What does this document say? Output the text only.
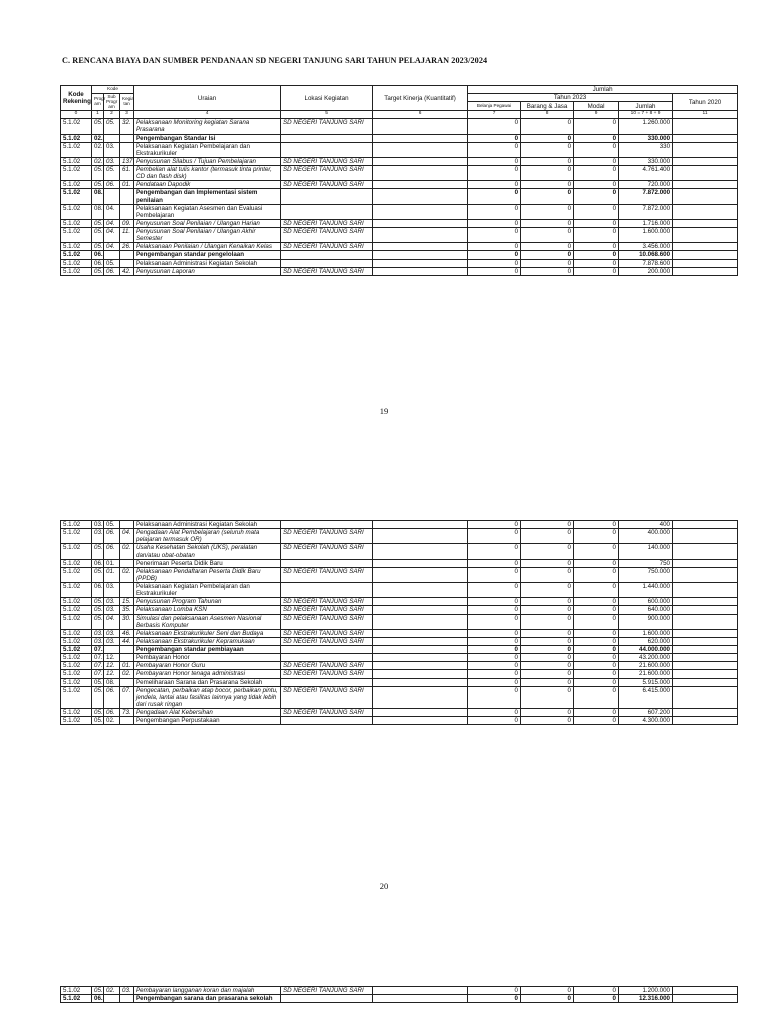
C. RENCANA BIAYA DAN SUMBER PENDANAAN SD NEGERI TANJUNG SARI TAHUN PELAJARAN 2023/2024
Kode Rekening	Kode			Uraian	Lokasi Kegiatan	Target Kinerja (Kuantitatif)	Jumlah				
	Progr am	Sub Progr am	Kegia tan				Tahun 2023				Tahun 2020
							Belanja Pegawai	Barang & Jasa	Modal	Jumlah	
0	1	2	3	4	5	6	7	8	9	10 = 7 + 8 + 9	11
5.1.02	05.	05.	32.	Pelaksanaan Monitoring kegiatan Sarana Prasarana	SD NEGERI TANJUNG SARI		0	0	0	1.260.000	
5.1.02	02.			Pengembangan Standar Isi			0	0	0	330.000	
5.1.02	02.	03.		Pelaksanaan Kegiatan Pembelajaran dan Ekstrakurikuler			0	0	0	330	
5.1.02	02.	03.	137	Penyusunan Silabus / Tujuan Pembelajaran	SD NEGERI TANJUNG SARI		0	0	0	330.000	
5.1.02	05.	05.	61.	Pembelian alat tulis kantor (termasuk tinta printer, CD dan flash disk)	SD NEGERI TANJUNG SARI		0	0	0	4.761.400	
5.1.02	05.	06.	01.	Pendataan Dapodik	SD NEGERI TANJUNG SARI		0	0	0	720.000	
5.1.02	08.			Pengembangan dan Implementasi sistem penilaian			0	0	0	7.872.000	
5.1.02	08.	04.		Pelaksanaan Kegiatan Asesmen dan Evaluasi Pembelajaran			0	0	0	7.872.000	
5.1.02	05.	04.	09.	Penyusunan Soal Penilaian / Ulangan Harian	SD NEGERI TANJUNG SARI		0	0	0	1.716.000	
5.1.02	05.	04.	11.	Penyusunan Soal Penilaian / Ulangan Akhir Semester	SD NEGERI TANJUNG SARI		0	0	0	1.600.000	
5.1.02	05.	04.	26.	Pelaksanaan Penilaian / Ulangan Kenaikan Kelas	SD NEGERI TANJUNG SARI		0	0	0	3.456.000	
5.1.02	06.			Pengembangan standar pengelolaan			0	0	0	10.068.600	
5.1.02	06.	05.		Pelaksanaan Administrasi Kegiatan Sekolah			0	0	0	7.878.600	
5.1.02	05.	06.	42.	Penyusunan Laporan	SD NEGERI TANJUNG SARI		0	0	0	200.000	
19
5.1.02	03.	05.		Pelaksanaan Administrasi Kegiatan Sekolah			0	0	0	400	
5.1.02	03.	06.	04.	Pengadaan Alat Pembelajaran (seluruh mata pelajaran termasuk OR)	SD NEGERI TANJUNG SARI		0	0	0	400.000	
5.1.02	05.	06.	02.	Usaha Kesehatan Sekolah (UKS), peralatan dan/atau obat-obatan	SD NEGERI TANJUNG SARI		0	0	0	140.000	
5.1.02	06.	01.		Penerimaan Peserta Didik Baru			0	0	0	750	
5.1.02	05.	01.	02.	Pelaksanaan Pendaftaran Peserta Didik Baru (PPDB)	SD NEGERI TANJUNG SARI		0	0	0	750.000	
5.1.02	06.	03.		Pelaksanaan Kegiatan Pembelajaran dan Ekstrakurikuler			0	0	0	1.440.000	
5.1.02	05.	03.	15.	Penyusunan Program Tahunan	SD NEGERI TANJUNG SARI		0	0	0	600.000	
5.1.02	05.	03.	35.	Pelaksanaan Lomba KSN	SD NEGERI TANJUNG SARI		0	0	0	640.000	
5.1.02	05.	04.	30.	Simulasi dan pelaksanaan Asesmen Nasional Berbasis Komputer	SD NEGERI TANJUNG SARI		0	0	0	900.000	
5.1.02	03.	03.	46.	Pelaksanaan Ekstrakurikuler Seni dan Budaya	SD NEGERI TANJUNG SARI		0	0	0	1.600.000	
5.1.02	03.	03.	44.	Pelaksanaan Ekstrakurikuler Kepramukaan	SD NEGERI TANJUNG SARI		0	0	0	620.000	
5.1.02	07.			Pengembangan standar pembiayaan			0	0	0	44.000.000	
5.1.02	07.	12.		Pembayaran Honor			0	0	0	43.200.000	
5.1.02	07.	12.	01.	Pembayaran Honor Guru	SD NEGERI TANJUNG SARI		0	0	0	21.600.000	
5.1.02	07.	12.	02.	Pembayaran Honor tenaga administrasi	SD NEGERI TANJUNG SARI		0	0	0	21.600.000	
5.1.02	05.	08.		Pemeliharaan Sarana dan Prasarana Sekolah			0	0	0	5.915.000	
5.1.02	05.	06.	07.	Pengecatan, perbaikan atap bocor, perbaikan pintu, jendela, lantai atau fasilitas lainnya yang tidak lebih dari rusak ringan	SD NEGERI TANJUNG SARI		0	0	0	6.415.000	
5.1.02	05.	06.	73.	Pengadaan Alat Kebersihan	SD NEGERI TANJUNG SARI		0	0	0	607.200	
5.1.02	05.	02.		Pengembangan Perpustakaan			0	0	0	4.300.000	
20
5.1.02	05.	02.	03.	Pembayaran langganan koran dan majalah	SD NEGERI TANJUNG SARI		0	0	0	1.200.000	
5.1.02	06.			Pengembangan sarana dan prasarana sekolah			0	0	0	12.316.000	
